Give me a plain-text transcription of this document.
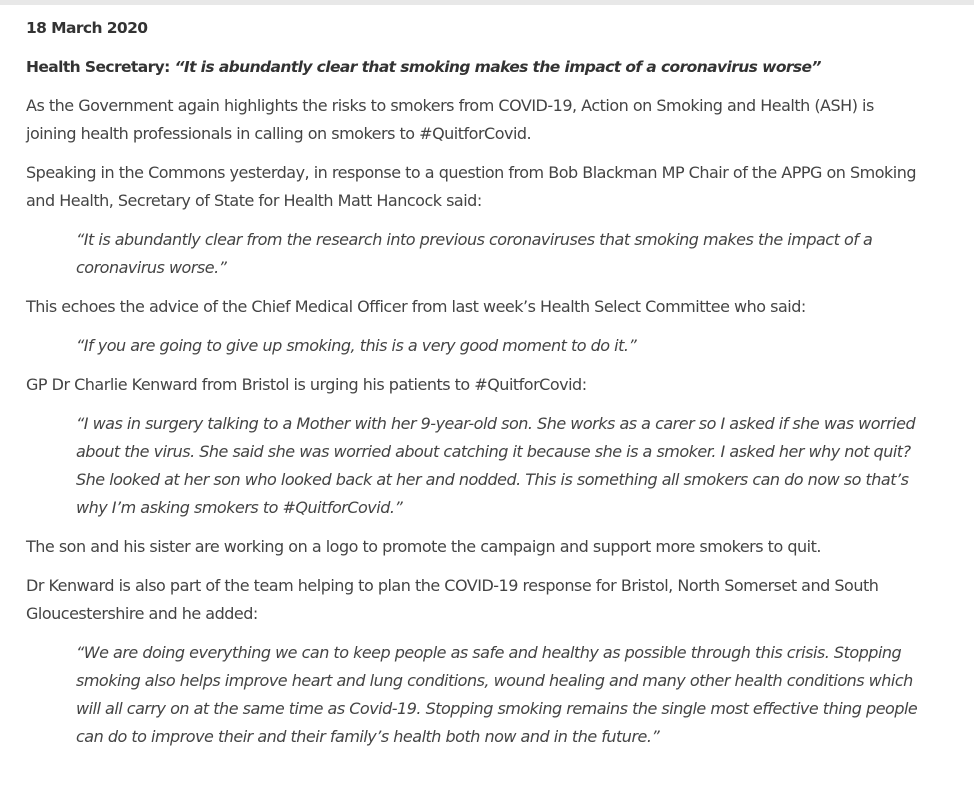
18 March 2020

Health Secretary: “It is abundantly clear that smoking makes the impact of a coronavirus worse”

As the Government again highlights the risks to smokers from COVID-19, Action on Smoking and Health (ASH) is joining health professionals in calling on smokers to #QuitforCovid.

Speaking in the Commons yesterday, in response to a question from Bob Blackman MP Chair of the APPG on Smoking and Health, Secretary of State for Health Matt Hancock said:

“It is abundantly clear from the research into previous coronaviruses that smoking makes the impact of a coronavirus worse.”

This echoes the advice of the Chief Medical Officer from last week’s Health Select Committee who said:

“If you are going to give up smoking, this is a very good moment to do it.”

GP Dr Charlie Kenward from Bristol is urging his patients to #QuitforCovid:

“I was in surgery talking to a Mother with her 9-year-old son. She works as a carer so I asked if she was worried about the virus. She said she was worried about catching it because she is a smoker. I asked her why not quit? She looked at her son who looked back at her and nodded. This is something all smokers can do now so that’s why I’m asking smokers to #QuitforCovid.”

The son and his sister are working on a logo to promote the campaign and support more smokers to quit.

Dr Kenward is also part of the team helping to plan the COVID-19 response for Bristol, North Somerset and South Gloucestershire and he added:

“We are doing everything we can to keep people as safe and healthy as possible through this crisis. Stopping smoking also helps improve heart and lung conditions, wound healing and many other health conditions which will all carry on at the same time as Covid-19. Stopping smoking remains the single most effective thing people can do to improve their and their family’s health both now and in the future.”
